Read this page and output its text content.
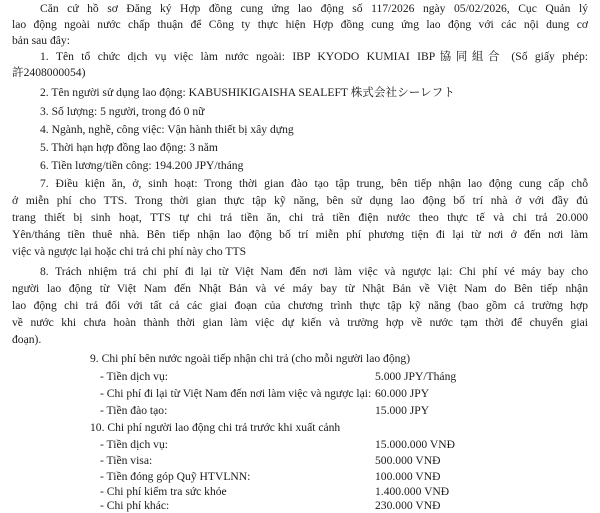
Căn cứ hồ sơ Đăng ký Hợp đồng cung ứng lao động số 117/2026 ngày 05/02/2026, Cục Quản lý
lao động ngoài nước chấp thuận để Công ty thực hiện Hợp đồng cung ứng lao động với các nội dung cơ
bản sau đây:
1. Tên tổ chức dịch vụ việc làm nước ngoài: IBP KYODO KUMIAI IBP協同組合 (Số giấy phép:
許2408000054)
2. Tên người sử dụng lao động: KABUSHIKIGAISHA SEALEFT 株式会社シーレフト
3. Số lượng: 5 người, trong đó 0 nữ
4. Ngành, nghề, công việc: Vận hành thiết bị xây dựng
5. Thời hạn hợp đồng lao động: 3 năm
6. Tiền lương/tiền công: 194.200 JPY/tháng
7. Điều kiện ăn, ở, sinh hoạt: Trong thời gian đào tạo tập trung, bên tiếp nhận lao động cung cấp chỗ
ở miễn phí cho TTS. Trong thời gian thực tập kỹ năng, bên sử dụng lao động bố trí nhà ở với đầy đủ
trang thiết bị sinh hoạt, TTS tự chi trả tiền ăn, chi trả tiền điện nước theo thực tế và chi trả 20.000
Yên/tháng tiền thuê nhà. Bên tiếp nhận lao động bố trí miễn phí phương tiện đi lại từ nơi ở đến nơi làm
việc và ngược lại hoặc chi trả chi phí này cho TTS
8. Trách nhiệm trả chi phí đi lại từ Việt Nam đến nơi làm việc và ngược lại: Chi phí vé máy bay cho
người lao động từ Việt Nam đến Nhật Bản và vé máy bay từ Nhật Bản về Việt Nam do Bên tiếp nhận
lao động chi trả đối với tất cả các giai đoạn của chương trình thực tập kỹ năng (bao gồm cả trường hợp
về nước khi chưa hoàn thành thời gian làm việc dự kiến và trường hợp về nước tạm thời để chuyển giai
đoạn).
9. Chi phí bên nước ngoài tiếp nhận chi trả (cho mỗi người lao động)
- Tiền dịch vụ:	5.000 JPY/Tháng
- Chi phí đi lại từ Việt Nam đến nơi làm việc và ngược lại: 60.000 JPY
- Tiền đào tạo:	15.000 JPY
10. Chi phí người lao động chi trả trước khi xuất cảnh
- Tiền dịch vụ:	15.000.000 VNĐ
- Tiền visa:	500.000 VNĐ
- Tiền đóng góp Quỹ HTVLNN:	100.000 VNĐ
- Chi phí kiểm tra sức khỏe	1.400.000 VNĐ
- Chi phí khác:	230.000 VNĐ
